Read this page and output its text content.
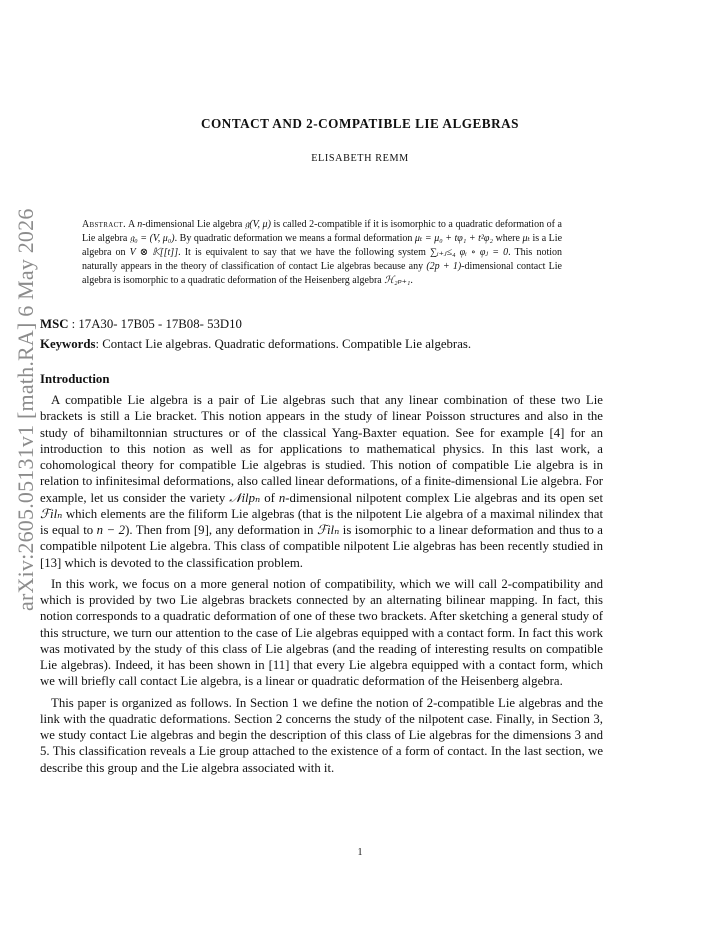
arXiv:2605.05131v1 [math.RA] 6 May 2026
CONTACT AND 2-COMPATIBLE LIE ALGEBRAS
ELISABETH REMM
Abstract. A n-dimensional Lie algebra 𝔤(V, μ) is called 2-compatible if it is isomorphic to a quadratic deformation of a Lie algebra 𝔤₀ = (V, μ₀). By quadratic deformation we means a formal deformation μₜ = μ₀ + tφ₁ + t²φ₂ where μₜ is a Lie algebra on V ⊗ 𝕂[[t]]. It is equivalent to say that we have the following system ∑ᵢ₊ⱼ≤₄ φᵢ ∘ φⱼ = 0. This notion naturally appears in the theory of classification of contact Lie algebras because any (2p + 1)-dimensional contact Lie algebra is isomorphic to a quadratic deformation of the Heisenberg algebra ℋ₂ₚ₊₁.
MSC : 17A30- 17B05 - 17B08- 53D10
Keywords: Contact Lie algebras. Quadratic deformations. Compatible Lie algebras.
Introduction

A compatible Lie algebra is a pair of Lie algebras such that any linear combination of these two Lie brackets is still a Lie bracket. This notion appears in the study of linear Poisson structures and also in the study of bihamiltonnian structures or of the classical Yang-Baxter equation. See for example [4] for an introduction to this notion as well as for applications to mathematical physics. In this last work, a cohomological theory for compatible Lie algebras is studied. This notion of compatible Lie algebra is in relation to infinitesimal deformations, also called linear deformations, of a finite-dimensional Lie algebra. For example, let us consider the variety 𝒩ilpₙ of n-dimensional nilpotent complex Lie algebras and its open set ℱilₙ which elements are the filiform Lie algebras (that is the nilpotent Lie algebra of a maximal nilindex that is equal to n − 2). Then from [9], any deformation in ℱilₙ is isomorphic to a linear deformation and thus to a compatible nilpotent Lie algebra. This class of compatible nilpotent Lie algebras has been recently studied in [13] which is devoted to the classification problem.

In this work, we focus on a more general notion of compatibility, which we will call 2-compatibility and which is provided by two Lie algebras brackets connected by an alternating bilinear mapping. In fact, this notion corresponds to a quadratic deformation of one of these two brackets. After sketching a general study of this structure, we turn our attention to the case of Lie algebras equipped with a contact form. In fact this work was motivated by the study of this class of Lie algebras (and the reading of interesting results on compatible Lie algebras). Indeed, it has been shown in [11] that every Lie algebra equipped with a contact form, which we will briefly call contact Lie algebra, is a linear or quadratic deformation of the Heisenberg algebra.

This paper is organized as follows. In Section 1 we define the notion of 2-compatible Lie algebras and the link with the quadratic deformations. Section 2 concerns the study of the nilpotent case. Finally, in Section 3, we study contact Lie algebras and begin the description of this class of Lie algebras for the dimensions 3 and 5. This classification reveals a Lie group attached to the existence of a form of contact. In the last section, we describe this group and the Lie algebra associated with it.

1
